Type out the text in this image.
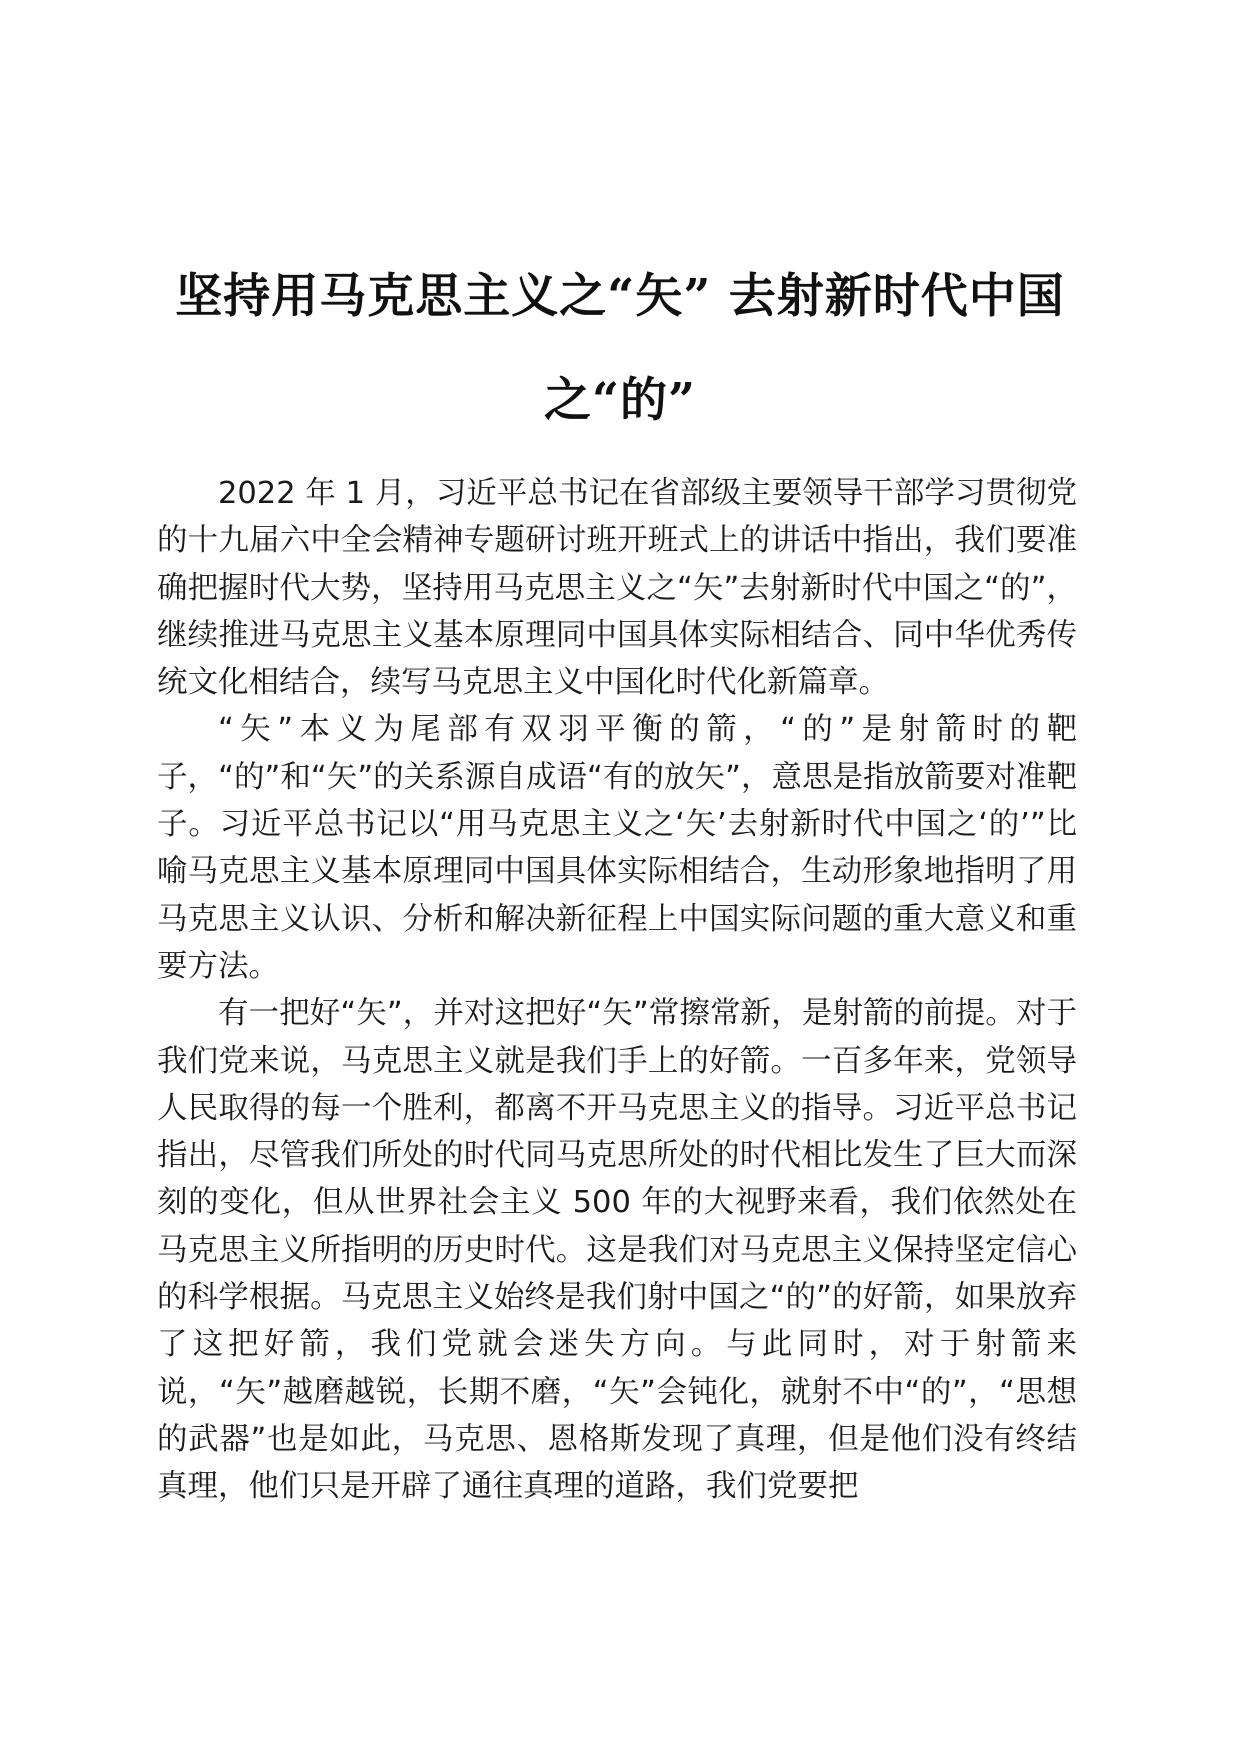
坚持用马克思主义之“矢” 去射新时代中国
之“的”

2022 年 1 月，习近平总书记在省部级主要领导干部学习贯彻党的十九届六中全会精神专题研讨班开班式上的讲话中指出，我们要准确把握时代大势，坚持用马克思主义之“矢”去射新时代中国之“的”，继续推进马克思主义基本原理同中国具体实际相结合、同中华优秀传统文化相结合，续写马克思主义中国化时代化新篇章。

“矢”本义为尾部有双羽平衡的箭，“的”是射箭时的靶子，“的”和“矢”的关系源自成语“有的放矢”，意思是指放箭要对准靶子。习近平总书记以“用马克思主义之‘矢’去射新时代中国之‘的’”比喻马克思主义基本原理同中国具体实际相结合，生动形象地指明了用马克思主义认识、分析和解决新征程上中国实际问题的重大意义和重要方法。

有一把好“矢”，并对这把好“矢”常擦常新，是射箭的前提。对于我们党来说，马克思主义就是我们手上的好箭。一百多年来，党领导人民取得的每一个胜利，都离不开马克思主义的指导。习近平总书记指出，尽管我们所处的时代同马克思所处的时代相比发生了巨大而深刻的变化，但从世界社会主义 500 年的大视野来看，我们依然处在马克思主义所指明的历史时代。这是我们对马克思主义保持坚定信心的科学根据。马克思主义始终是我们射中国之“的”的好箭，如果放弃了这把好箭，我们党就会迷失方向。与此同时，对于射箭来说，“矢”越磨越锐，长期不磨，“矢”会钝化，就射不中“的”，“思想的武器”也是如此，马克思、恩格斯发现了真理，但是他们没有终结真理，他们只是开辟了通往真理的道路，我们党要把
